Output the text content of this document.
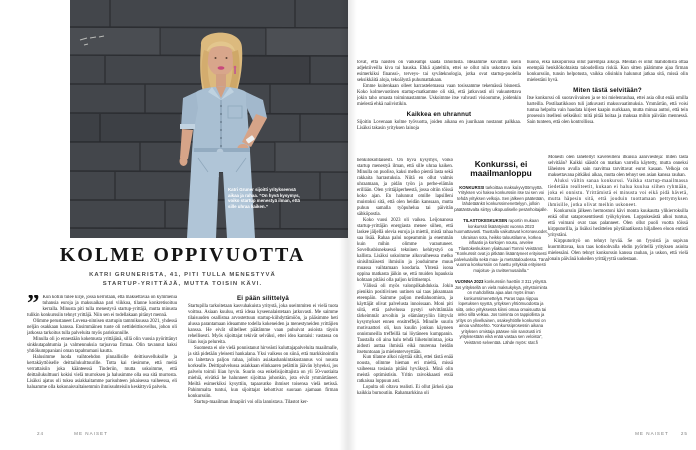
Katri Gruner sijoitti yritykseensä aikaa ja rahaa. ”On hyvä kysymys, voiko startup menestyä ilman, että sille uhraa kaiken.”
KOLME OPPIVUOTTA
KATRI GRUNERISTA, 41, PITI TULLA MENESTYVÄ
STARTUP-YRITTÄJÄ, MUTTA TOISIN KÄVI.
” Kun kotiin tulee kirje, jossa kerrotaan, että maksettavaa on kymmeniä tuhansia euroja ja maksuaikaa pari viikkoa, tilanne konkretisoituu kerralla. Minusta piti tulla menestyvä startup-yrittäjä, mutta minusta tulikin konkurssiin tehnyt yrittäjä. Niin sen ei todellakaan pitänyt mennä.

Olimme perustaneet Lovena-nimisen startupin tammikuussa 2021, yhdessä neljän osakkaan kanssa. Ensimmäinen tuote oli nettideittisovellus, johon oli jatkossa tarkoitus tulla palveluita myös pariskunnille.

Minulla oli jo ennestään kokemusta yrittäjänä, sillä olin vuosia pyörittänyt sinkkutapahtumia ja valmennuksia tarjoavaa firmaa. Olin tavannut kaksi yhtiökumppaniani oman tapahtumani kautta.

Halusimme luoda vaihtoehdon pinnallisille deittisovelluksille ja kertakäyttöiselle deittailukulttuurille. Totta kai tiesimme, että meitä verrattaisiin joka käänteessä Tinderiin, mutta uskoimme, että deittailukulttuuri kokisi vielä murroksen ja halusimme olla osa sitä murrosta. Lisäksi ajatus oli tukea asiakkaitamme parisuhteen jokaisessa vaiheessa, eli haluamme olla kokonaisvaltaisemmin ihmissuhteisiin keskittyvä palvelu.

Ei pään silittelyä

Startupilla tarkoitetaan kasvuhakuista yritystä, joka useimmiten ei vielä tuota voittoa. Asiaan kuuluu, että ideaa kyseenalaistetaan jatkuvasti. Me saimme tilaisuuden osallistua arvostettuun startup-kiihdyttämöön, ja pääsimme heti alussa parantamaan ideaamme todella kokeneiden ja menestyneiden yrittäjien kanssa. He eivät silitelleet päätämme vaan puhuivat asioista täysin rehellisesti. Myös sijoittajat tekivät selväksi, ettei idea kantaisi: vastassa on liian isoja pelureita.

Suomesta ei ole vielä ponnistanut hirveästi kuluttajapalveluita maailmalle, ja sitä pidetään yleisesti hankalana. Yksi vaikeus on siinä, että markkinointiin on laitettava paljon rahaa, jolloin asiakashankintakustannus voi nousta korkealle. Deittipalvelussa asiakkaan elinkaaren pelättiin jäävän lyhyeksi, jos palvelu toimii liian hyvin. Suurin osa enkelisijoittajista on yli 50-vuotiaita miehiä, eivätkä he halunneet sijoittaa johonkin, jota eivät ymmärtäneet. Meiltä esimerkiksi kysyttiin, tapaavatko ihmiset toisensa vielä netissä. Pahimmalta tuntui, kun sijoittajat kehottivat suoraan ajamaan firman konkurssiin.

Startup-maailman ilmapiiri voi olla lannistava. Tilastot ker-

24	ME NAISET

tovat, että naisten on vaikeampi saada rahoitusta. Ideaamme kuvattiin usein adjektiiveilla kiva tai hauska. Ehkä ajateltiin, ettei se ollut niin uskottava kuin esimerkiksi finanssi-, terveys- tai syväteknologia, jotka ovat startup-puolella seksikkäitä aloja, tekoälystä puhumattakaan.

Emme kuitenkaan olleet harrastelemassa vaan tosissamme tekemässä bisnestä. Koko kolmevuotinen startup-matkamme oli sitä, että jatkuvasti oli vakuutettava jokin taho omasta toiminnastamme. Uskoimme itse vahvasti visioomme, joidenkin mielestä ehkä naiivistikin.

Kaikkea en uhrannut

Sijoitin Lovenaan kolme työvuotta, joiden aikana en juurikaan nostanut palkkaa. Lisäksi takasin yrityksen lainoja

huono, eikä näköpiirissä ollut parempia aikoja. Meidän ei ollut mahdollista ottaa enempää henkilökohtaista taloudellista riskiä. Kun sitten päätimme ajaa firman konkurssiin, tunsin helpotusta, vaikka olisinkin halunnut jatkaa sitä, missä olin mielestäni hyvä.

Miten tästä selvitään?

Itse konkurssi oli suoraviivainen ja se toi mielenrauhaa, ettei asia ollut enää omilla harteilla. Postilaatikkoon tuli jatkuvasti maksuvaatimuksia. Ymmärrän, että voisi tuntua helpolta vain haudata kirjeet kaapin nurkkaan, mutta minua auttoi, että tein prosessin itselleni selkeäksi: mitä pitää hoitaa ja maksaa mihin päivään mennessä. Sain tunteen, että olen kontrollissa.

henkilökohtaisesti. On hyvä kysymys, voiko startup menestyä ilman, että sille uhraa kaiken. Minulla on puoliso, kaksi melko pientä lasta sekä rakkaita harrastuksia. Niitä en ollut valmis uhraamaan, ja pidän työn ja perhe-elämän erillään. Olen yrittäjäperheestä, jossa oltiin töissä koko ajan. En halunnut omille lapsilleni muistoksi sitä, että olen heidän kanssaan, mutta puhun samalla työpuhelua tai päivitän sähköpostia.

Koko vuosi 2023 oli vaikea. Leijonanosa startup-yrittäjän energiasta menee siihen, että laskee jäljellä olevia euroja ja miettii, mistä rahaa saa lisää. Rahaa paloi nopeammin ja enemmän kuin mihin olimme varautuneet. Sovellusbisneksessä tekninen kehitystyö on kallista. Lisäksi uskoimme alkuvaiheessa melko sinisilmäisesti ihmisiin ja jouduimme muun muassa vaihtamaan koodaria. Yhtenä isona oppina matkasta jäikin se, että muiden lupauksia kohtaan pitäisi olla paljon kriittisempi.

Välissä oli myös valonpilkahduksia. Jokin pienikin positiivinen uutinen sai taas jaksamaan eteenpäin. Saimme paljon mediahuomiota, ja käyttäjät olivat palvelusta innoissaan. Moni piti siitä, että palvelussa pystyi selvittämään tärkeimmät arvoihin ja elämäntyyliin liittyvät kysymykset ennen ensitreffejä. Minulle suurin motivaattori oli, kun kuulin jonkun käyneen onnistuneilla treffeillä tai löytäneen kumppanin. Taustalla oli aina halu tehdä liiketoimintaa, joka aidosti auttaa ihmisiä eikä murenna heidän itsetuntoaan ja mielenterveyttään.

Kun tilanne alkoi näyttää siltä, ettei tästä enää nousta, olimme hieman eri mieltä, missä vaiheessa tosiasia pitäisi hyväksyä. Minä olin meistä optimistisin. Yritin raivokkaasti etsiä ratkaisua loppuun asti.

Lopulta oli oltava realisti. Ei ollut järkeä ajaa kaikkia burnoutiin. Rahamarkkina oli

Konkurssi, ei
maailmanloppu

KONKURSSI tarkoittaa maksukyvyttömyyttä. Yrityksen voi hakea konkurssiin itse tai sen voi tehdä yrityksen velkoja. Sen jälkeen päätetään, lähdetäänkö konkurssimenettelyyn, jolloin päätäntävalta siirtyy ulkopuoliselle pesänhoitajalle.

TILASTOKESKUKSEN raportin mukaan konkurssit lisääntyivät vuonna 2023 huomattavasti. Taustalla vaikuttavat koronavuodet, Ukrainan sota, heikko taloustilanne, korkea inflaatio ja korkojen nousu, arvelee Tilastokeskuksen yliaktuaari Tommi Veistämö: ”Konkurssit ovat jo pitkään lisääntyneet erityisesti palvelualoilla sekä maa- ja metsätaloudessa. Tänä vuonna konkurssiin on haettu yrityksiä erityisesti majoitus- ja ravitsemusalalla.”

VUONNA 2023 konkurssiin haettiin 3 311 yritystä. Jos yrityksellä on vielä maksukykyä, yritystoiminta on mahdollista ajaa alas myös ilman konkurssimenettelyä. Paras tapa riippuu lopetuksen syystä, yrityksen yhtiömuodosta ja siitä, onko yrityksessä kiinni omaa omaisuutta tai onko sillä velkaa. Jos toiminta on tappiollista ja yritys on ylivelkainen, osakeyhtiölle konkurssi on ainoa vaihtoehto. ”Konkurssiprosessin aikana yrityksen omistaja pääsee niin sanotusti irti yrityksestään eikä enää vastaa sen veloista”, Veistämö selventää. Lähde myös: stat.fi

Monesti olen lähetellyt kavereilleni itkuisia ääniviestejä: miten tästä selvitään? Kaikki säästöt on matkan varrella käytetty, mutta onneksi läheisten avulla sain raavittua tarvittavat eurot kasaan. Velkoja on maksettavana pitkäksi aikaa, mutta olen tehnyt sen asian kanssa rauhan.

Aluksi vältin sanaa konkurssi. Vaikka startup-maailmassa tiedetään realiteetit, kukaan ei halua kuulua siihen ryhmään, joka ei onnistu. Yrittämistä ei minusta voi eikä pidä hävetä, mutta häpesin sitä, että jouduin tuottamaan pettymyksen ihmisille, jotka olivat meihin uskoneet.

Konkurssin jälkeen hermostoni kävi monta kuukautta ylikierroksilla enkä ollut sataprosenttisesti työkykyinen. Loppukesästä alkoi tuntua, että voimani ovat taas palanneet. Olen ollut puoli vuotta töissä kirpputorilla, ja lisäksi herättelen pöytälaatikosta hiljalleen eloon entistä yritystäni.

Kirpputorityö on tehnyt hyvää. Se on fyysistä ja sopivan kuormittavaa, kun taas kotisohvalla ehdin pyöritellä yrityksen asioita mielessäni. Olen tehnyt konkurssin kanssa rauhan, ja uskon, että vielä jonain päivänä kokeilen yrittäjyyttä uudestaan.

ME NAISET	25
